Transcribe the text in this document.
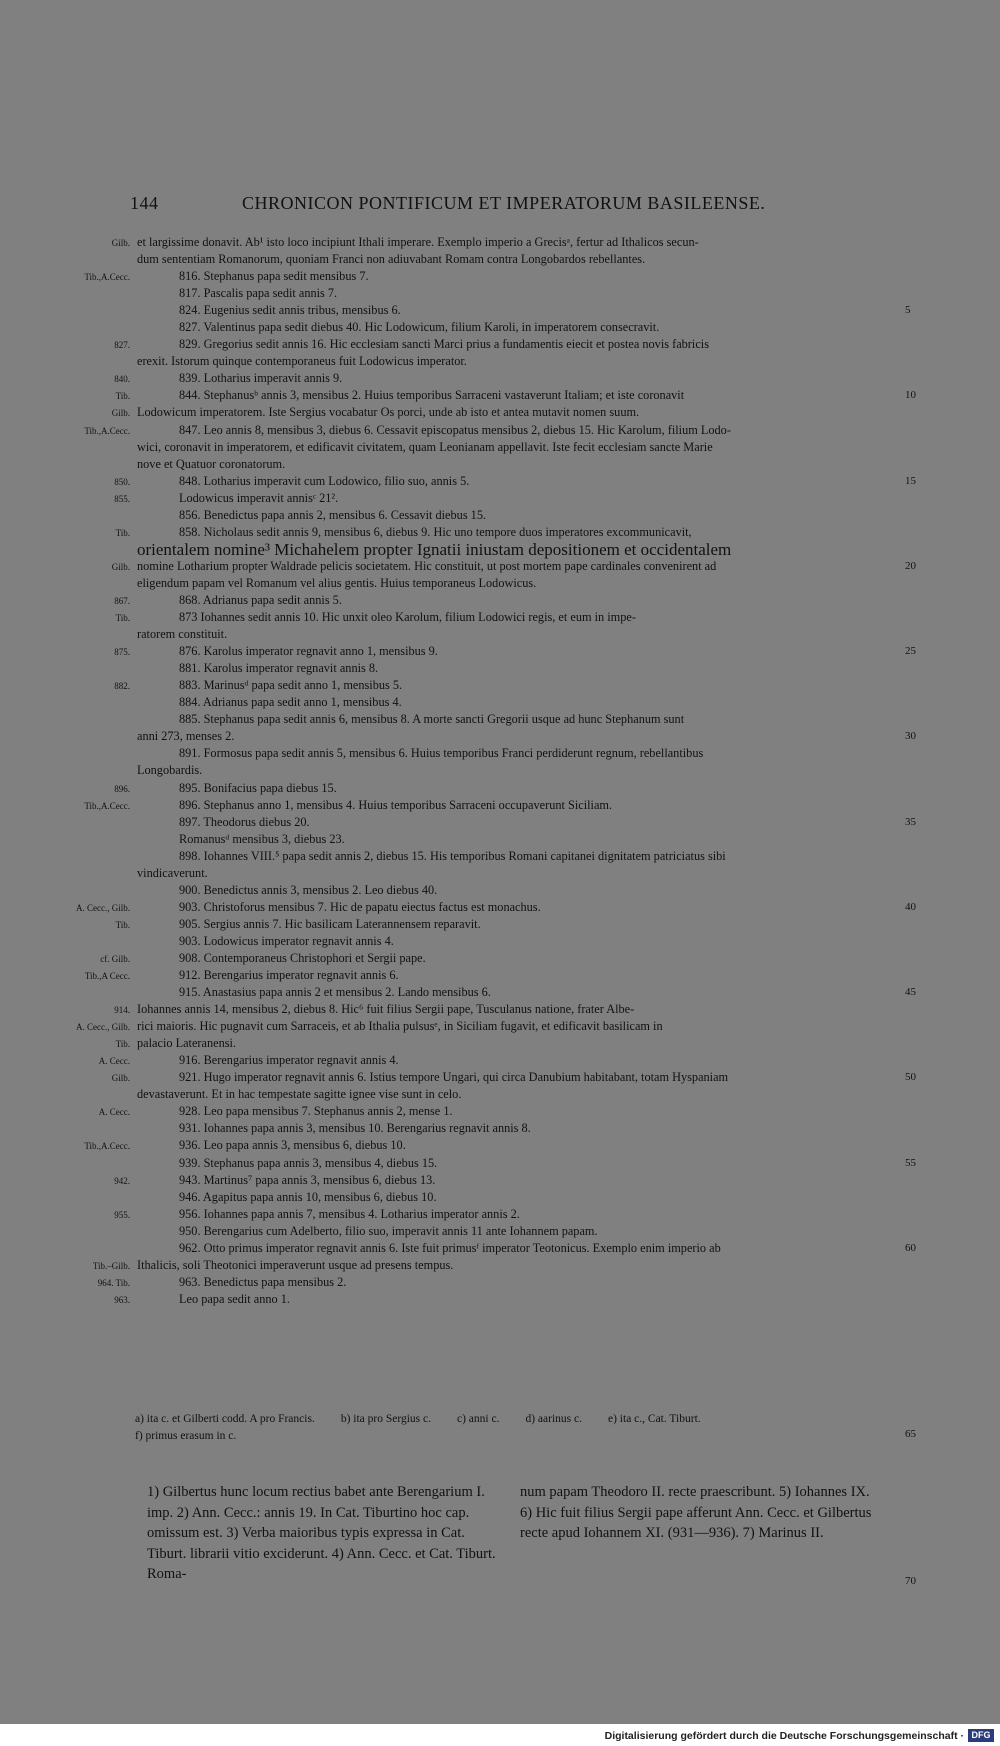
144	CHRONICON PONTIFICUM ET IMPERATORUM BASILEENSE.
Gilb. et largissime donavit. Ab¹ isto loco incipiunt Ithali imperare. Exemplo imperio a Grecisᵃ, fertur ad Ithalicos secun-
dum sententiam Romanorum, quoniam Franci non adiuvabant Romam contra Longobardos rebellantes.
Tib.,A.Cecc.	816. Stephanus papa sedit mensibus 7.
817. Pascalis papa sedit annis 7.
824. Eugenius sedit annis tribus, mensibus 6.	5
827. Valentinus papa sedit diebus 40. Hic Lodowicum, filium Karoli, in imperatorem consecravit.
827.	829. Gregorius sedit annis 16. Hic ecclesiam sancti Marci prius a fundamentis eiecit et postea novis fabricis
erexit. Istorum quinque contemporaneus fuit Lodowicus imperator.
840.	839. Lotharius imperavit annis 9.
Tib.	844. Stephanusᵇ annis 3, mensibus 2. Huius temporibus Sarraceni vastaverunt Italiam; et iste coronavit	10
Gilb. Lodowicum imperatorem. Iste Sergius vocabatur Os porci, unde ab isto et antea mutavit nomen suum.
Tib.,A.Cecc.	847. Leo annis 8, mensibus 3, diebus 6. Cessavit episcopatus mensibus 2, diebus 15. Hic Karolum, filium Lodo-
wici, coronavit in imperatorem, et edificavit civitatem, quam Leonianam appellavit. Iste fecit ecclesiam sancte Marie
nove et Quatuor coronatorum.
850.	848. Lotharius imperavit cum Lodowico, filio suo, annis 5.	15
855.	Lodowicus imperavit annisᶜ 21².
856. Benedictus papa annis 2, mensibus 6. Cessavit diebus 15.
Tib.	858. Nicholaus sedit annis 9, mensibus 6, diebus 9. Hic uno tempore duos imperatores excommunicavit,
orientalem nomine³ Michahelem propter Ignatii iniustam depositionem et occidentalem
Gilb. nomine Lotharium propter Waldrade pelicis societatem. Hic constituit, ut post mortem pape cardinales convenirent ad	20
eligendum papam vel Romanum vel alius gentis. Huius temporaneus Lodowicus.
867.	868. Adrianus papa sedit annis 5.
Tib.	873 Iohannes sedit annis 10. Hic unxit oleo Karolum, filium Lodowici regis, et eum in impe-
ratorem constituit.
875.	876. Karolus imperator regnavit anno 1, mensibus 9.	25
881. Karolus imperator regnavit annis 8.
882.	883. Marinusᵈ papa sedit anno 1, mensibus 5.
884. Adrianus papa sedit anno 1, mensibus 4.
885. Stephanus papa sedit annis 6, mensibus 8. A morte sancti Gregorii usque ad hunc Stephanum sunt
anni 273, menses 2.	30
891. Formosus papa sedit annis 5, mensibus 6. Huius temporibus Franci perdiderunt regnum, rebellantibus
Longobardis.
896.	895. Bonifacius papa diebus 15.
Tib.,A.Cecc.	896. Stephanus anno 1, mensibus 4. Huius temporibus Sarraceni occupaverunt Siciliam.
897. Theodorus diebus 20.	35
Romanusᵈ mensibus 3, diebus 23.
898. Iohannes VIII.⁵ papa sedit annis 2, diebus 15. His temporibus Romani capitanei dignitatem patriciatus sibi
vindicaverunt.
900. Benedictus annis 3, mensibus 2. Leo diebus 40.
A. Cecc., Gilb.	903. Christoforus mensibus 7. Hic de papatu eiectus factus est monachus.	40
Tib.	905. Sergius annis 7. Hic basilicam Laterannensem reparavit.
903. Lodowicus imperator regnavit annis 4.
cf. Gilb.	908. Contemporaneus Christophori et Sergii pape.
Tib.,A Cecc.	912. Berengarius imperator regnavit annis 6.
915. Anastasius papa annis 2 et mensibus 2. Lando mensibus 6.	45
914. Iohannes annis 14, mensibus 2, diebus 8. Hic⁶ fuit filius Sergii pape, Tusculanus natione, frater Albe-
A. Cecc., Gilb. rici maioris. Hic pugnavit cum Sarraceis, et ab Ithalia pulsusᵉ, in Siciliam fugavit, et edificavit basilicam in
Tib. palacio Lateranensi.
A. Cecc.	916. Berengarius imperator regnavit annis 4.
Gilb.	921. Hugo imperator regnavit annis 6. Istius tempore Ungari, qui circa Danubium habitabant, totam Hyspaniam	50
devastaverunt. Et in hac tempestate sagitte ignee vise sunt in celo.
A. Cecc.	928. Leo papa mensibus 7. Stephanus annis 2, mense 1.
931. Iohannes papa annis 3, mensibus 10. Berengarius regnavit annis 8.
Tib.,A.Cecc.	936. Leo papa annis 3, mensibus 6, diebus 10.
939. Stephanus papa annis 3, mensibus 4, diebus 15.	55
942.	943. Martinus⁷ papa annis 3, mensibus 6, diebus 13.
946. Agapitus papa annis 10, mensibus 6, diebus 10.
955.	956. Iohannes papa annis 7, mensibus 4. Lotharius imperator annis 2.
950. Berengarius cum Adelberto, filio suo, imperavit annis 11 ante Iohannem papam.
962. Otto primus imperator regnavit annis 6. Iste fuit primusᶠ imperator Teotonicus. Exemplo enim imperio ab	60
Tib.–Gilb. Ithalicis, soli Theotonici imperaverunt usque ad presens tempus.
964. Tib.	963. Benedictus papa mensibus 2.
963.	Leo papa sedit anno 1.
a) ita c. et Gilberti codd. A pro Francis. b) ita pro Sergius c. c) anni c. d) aarinus c. e) ita c., Cat. Tiburt.
f) primus erasum in c.	65
1) Gilbertus hunc locum rectius babet ante Berengarium I. imp. 2) Ann. Cecc.: annis 19. In Cat. Tiburtino hoc cap. omissum est. 3) Verba maioribus typis expressa in Cat. Tiburt. librarii vitio exciderunt. 4) Ann. Cecc. et Cat. Tiburt. Roma-
num papam Theodoro II. recte praescribunt. 5) Iohannes IX. 6) Hic fuit filius Sergii pape afferunt Ann. Cecc. et Gilbertus recte apud Iohannem XI. (931—936). 7) Marinus II.
70
Digitalisierung gefördert durch die Deutsche Forschungsgemeinschaft · DFG
